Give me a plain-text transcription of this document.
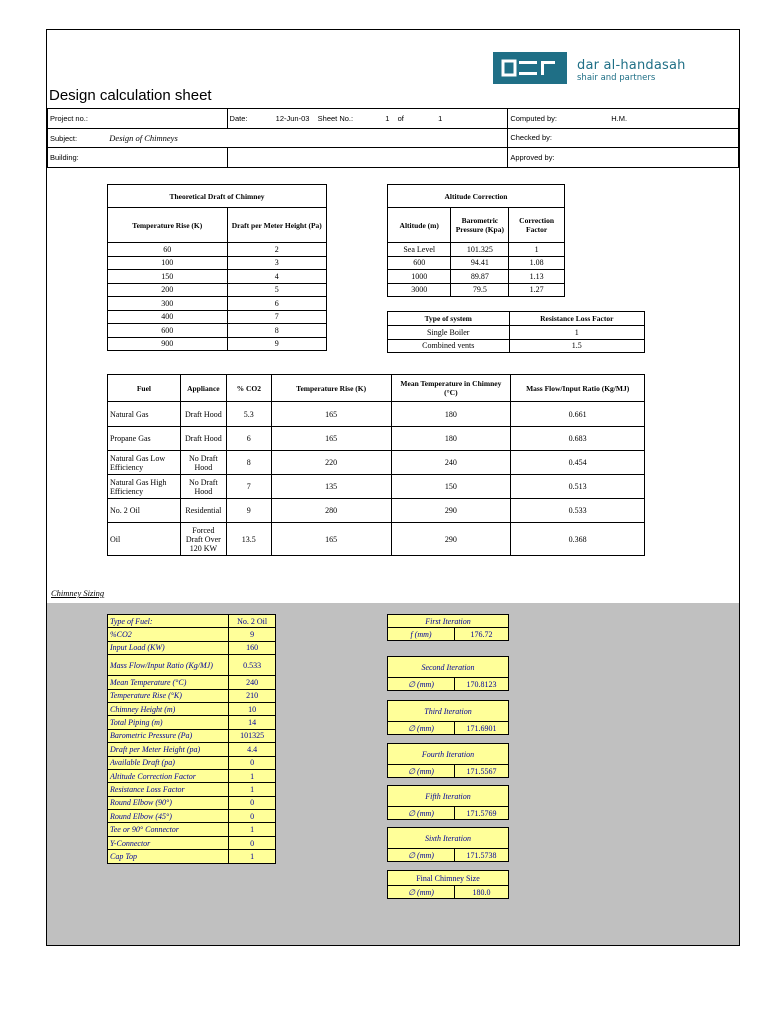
dar al-handasah
shair and partners
Design calculation sheet
Project no.:	Date: 12-Jun-03 Sheet No.: 1 of 1	Computed by: H.M.
Subject: Design of Chimneys		Checked by:
Building:		Approved by:
Theoretical Draft of Chimney	
Temperature Rise (K)	Draft per Meter Height (Pa)
60	2
100	3
150	4
200	5
300	6
400	7
600	8
900	9
Altitude Correction		
Altitude (m)	Barometric Pressure (Kpa)	Correction Factor
Sea Level	101.325	1
600	94.41	1.08
1000	89.87	1.13
3000	79.5	1.27
Type of system	Resistance Loss Factor
Single Boiler	1
Combined vents	1.5
Fuel	Appliance	% CO2	Temperature Rise (K)	Mean Temperature in Chimney (°C)	Mass Flow/Input Ratio (Kg/MJ)
Natural Gas	Draft Hood	5.3	165	180	0.661
Propane Gas	Draft Hood	6	165	180	0.683
Natural Gas Low Efficiency	No Draft Hood	8	220	240	0.454
Natural Gas High Efficiency	No Draft Hood	7	135	150	0.513
No. 2 Oil	Residential	9	280	290	0.533
Oil	Forced Draft Over 120 KW	13.5	165	290	0.368
Chimney Sizing
Type of Fuel:	No. 2 Oil
%CO2	9
Input Load (KW)	160
Mass Flow/Input Ratio (Kg/MJ)	0.533
Mean Temperature (°C)	240
Temperature Rise (°K)	210
Chimney Height (m)	10
Total Piping (m)	14
Barometric Pressure (Pa)	101325
Draft per Meter Height (pa)	4.4
Available Draft (pa)	0
Altitude Correction Factor	1
Resistance Loss Factor	1
Round Elbow (90°)	0
Round Elbow (45°)	0
Tee or 90° Connector	1
Y-Connector	0
Cap Top	1
First Iteration
f (mm)	176.72
Second Iteration
∅ (mm)	170.8123
Third Iteration
∅ (mm)	171.6901
Fourth Iteration
∅ (mm)	171.5567
Fifth Iteration
∅ (mm)	171.5769
Sixth Iteration
∅ (mm)	171.5738
Final Chimney Size
∅ (mm)	180.0
